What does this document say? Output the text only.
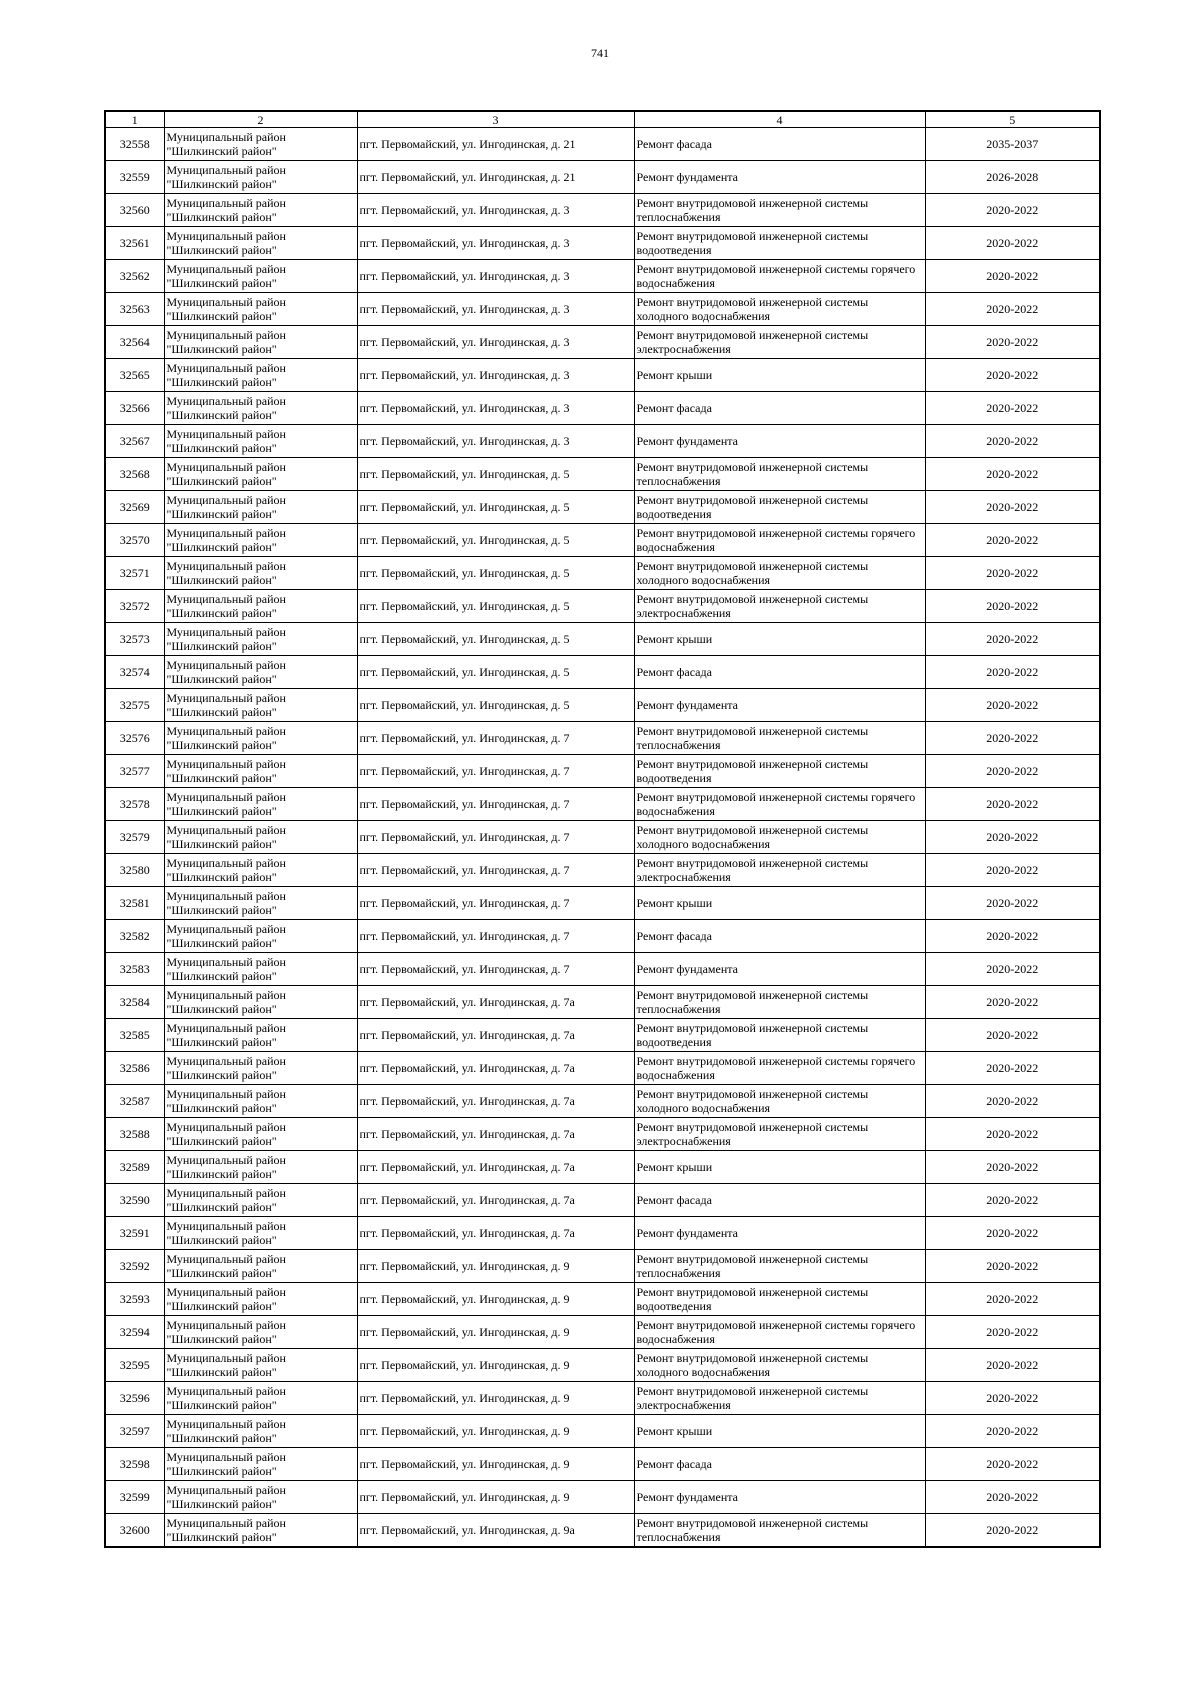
741
1	2	3	4	5
32558	Муниципальный район "Шилкинский район"	пгт. Первомайский, ул. Ингодинская, д. 21	Ремонт фасада	2035-2037
32559	Муниципальный район "Шилкинский район"	пгт. Первомайский, ул. Ингодинская, д. 21	Ремонт фундамента	2026-2028
32560	Муниципальный район "Шилкинский район"	пгт. Первомайский, ул. Ингодинская, д. 3	Ремонт внутридомовой инженерной системы теплоснабжения	2020-2022
32561	Муниципальный район "Шилкинский район"	пгт. Первомайский, ул. Ингодинская, д. 3	Ремонт внутридомовой инженерной системы водоотведения	2020-2022
32562	Муниципальный район "Шилкинский район"	пгт. Первомайский, ул. Ингодинская, д. 3	Ремонт внутридомовой инженерной системы горячего водоснабжения	2020-2022
32563	Муниципальный район "Шилкинский район"	пгт. Первомайский, ул. Ингодинская, д. 3	Ремонт внутридомовой инженерной системы холодного водоснабжения	2020-2022
32564	Муниципальный район "Шилкинский район"	пгт. Первомайский, ул. Ингодинская, д. 3	Ремонт внутридомовой инженерной системы электроснабжения	2020-2022
32565	Муниципальный район "Шилкинский район"	пгт. Первомайский, ул. Ингодинская, д. 3	Ремонт крыши	2020-2022
32566	Муниципальный район "Шилкинский район"	пгт. Первомайский, ул. Ингодинская, д. 3	Ремонт фасада	2020-2022
32567	Муниципальный район "Шилкинский район"	пгт. Первомайский, ул. Ингодинская, д. 3	Ремонт фундамента	2020-2022
32568	Муниципальный район "Шилкинский район"	пгт. Первомайский, ул. Ингодинская, д. 5	Ремонт внутридомовой инженерной системы теплоснабжения	2020-2022
32569	Муниципальный район "Шилкинский район"	пгт. Первомайский, ул. Ингодинская, д. 5	Ремонт внутридомовой инженерной системы водоотведения	2020-2022
32570	Муниципальный район "Шилкинский район"	пгт. Первомайский, ул. Ингодинская, д. 5	Ремонт внутридомовой инженерной системы горячего водоснабжения	2020-2022
32571	Муниципальный район "Шилкинский район"	пгт. Первомайский, ул. Ингодинская, д. 5	Ремонт внутридомовой инженерной системы холодного водоснабжения	2020-2022
32572	Муниципальный район "Шилкинский район"	пгт. Первомайский, ул. Ингодинская, д. 5	Ремонт внутридомовой инженерной системы электроснабжения	2020-2022
32573	Муниципальный район "Шилкинский район"	пгт. Первомайский, ул. Ингодинская, д. 5	Ремонт крыши	2020-2022
32574	Муниципальный район "Шилкинский район"	пгт. Первомайский, ул. Ингодинская, д. 5	Ремонт фасада	2020-2022
32575	Муниципальный район "Шилкинский район"	пгт. Первомайский, ул. Ингодинская, д. 5	Ремонт фундамента	2020-2022
32576	Муниципальный район "Шилкинский район"	пгт. Первомайский, ул. Ингодинская, д. 7	Ремонт внутридомовой инженерной системы теплоснабжения	2020-2022
32577	Муниципальный район "Шилкинский район"	пгт. Первомайский, ул. Ингодинская, д. 7	Ремонт внутридомовой инженерной системы водоотведения	2020-2022
32578	Муниципальный район "Шилкинский район"	пгт. Первомайский, ул. Ингодинская, д. 7	Ремонт внутридомовой инженерной системы горячего водоснабжения	2020-2022
32579	Муниципальный район "Шилкинский район"	пгт. Первомайский, ул. Ингодинская, д. 7	Ремонт внутридомовой инженерной системы холодного водоснабжения	2020-2022
32580	Муниципальный район "Шилкинский район"	пгт. Первомайский, ул. Ингодинская, д. 7	Ремонт внутридомовой инженерной системы электроснабжения	2020-2022
32581	Муниципальный район "Шилкинский район"	пгт. Первомайский, ул. Ингодинская, д. 7	Ремонт крыши	2020-2022
32582	Муниципальный район "Шилкинский район"	пгт. Первомайский, ул. Ингодинская, д. 7	Ремонт фасада	2020-2022
32583	Муниципальный район "Шилкинский район"	пгт. Первомайский, ул. Ингодинская, д. 7	Ремонт фундамента	2020-2022
32584	Муниципальный район "Шилкинский район"	пгт. Первомайский, ул. Ингодинская, д. 7а	Ремонт внутридомовой инженерной системы теплоснабжения	2020-2022
32585	Муниципальный район "Шилкинский район"	пгт. Первомайский, ул. Ингодинская, д. 7а	Ремонт внутридомовой инженерной системы водоотведения	2020-2022
32586	Муниципальный район "Шилкинский район"	пгт. Первомайский, ул. Ингодинская, д. 7а	Ремонт внутридомовой инженерной системы горячего водоснабжения	2020-2022
32587	Муниципальный район "Шилкинский район"	пгт. Первомайский, ул. Ингодинская, д. 7а	Ремонт внутридомовой инженерной системы холодного водоснабжения	2020-2022
32588	Муниципальный район "Шилкинский район"	пгт. Первомайский, ул. Ингодинская, д. 7а	Ремонт внутридомовой инженерной системы электроснабжения	2020-2022
32589	Муниципальный район "Шилкинский район"	пгт. Первомайский, ул. Ингодинская, д. 7а	Ремонт крыши	2020-2022
32590	Муниципальный район "Шилкинский район"	пгт. Первомайский, ул. Ингодинская, д. 7а	Ремонт фасада	2020-2022
32591	Муниципальный район "Шилкинский район"	пгт. Первомайский, ул. Ингодинская, д. 7а	Ремонт фундамента	2020-2022
32592	Муниципальный район "Шилкинский район"	пгт. Первомайский, ул. Ингодинская, д. 9	Ремонт внутридомовой инженерной системы теплоснабжения	2020-2022
32593	Муниципальный район "Шилкинский район"	пгт. Первомайский, ул. Ингодинская, д. 9	Ремонт внутридомовой инженерной системы водоотведения	2020-2022
32594	Муниципальный район "Шилкинский район"	пгт. Первомайский, ул. Ингодинская, д. 9	Ремонт внутридомовой инженерной системы горячего водоснабжения	2020-2022
32595	Муниципальный район "Шилкинский район"	пгт. Первомайский, ул. Ингодинская, д. 9	Ремонт внутридомовой инженерной системы холодного водоснабжения	2020-2022
32596	Муниципальный район "Шилкинский район"	пгт. Первомайский, ул. Ингодинская, д. 9	Ремонт внутридомовой инженерной системы электроснабжения	2020-2022
32597	Муниципальный район "Шилкинский район"	пгт. Первомайский, ул. Ингодинская, д. 9	Ремонт крыши	2020-2022
32598	Муниципальный район "Шилкинский район"	пгт. Первомайский, ул. Ингодинская, д. 9	Ремонт фасада	2020-2022
32599	Муниципальный район "Шилкинский район"	пгт. Первомайский, ул. Ингодинская, д. 9	Ремонт фундамента	2020-2022
32600	Муниципальный район "Шилкинский район"	пгт. Первомайский, ул. Ингодинская, д. 9а	Ремонт внутридомовой инженерной системы теплоснабжения	2020-2022
